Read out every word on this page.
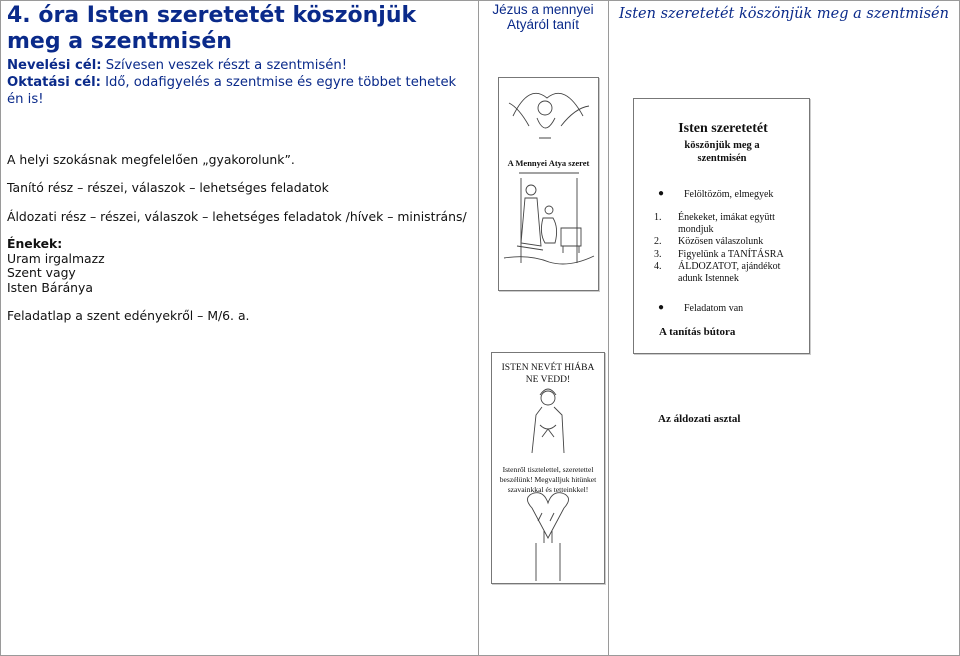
4. óra Isten szeretetét köszönjük meg a szentmisén
Nevelési cél: Szívesen veszek részt a szentmisén!
Oktatási cél: Idő, odafigyelés a szentmise és egyre többet tehetek én is!
A helyi szokásnak megfelelően „gyakorolunk”.
Tanító rész – részei, válaszok – lehetséges feladatok
Áldozati rész – részei, válaszok – lehetséges feladatok /hívek – ministráns/
Énekek:
Uram irgalmazz
Szent vagy
Isten Báránya
Feladatlap a szent edényekről – M/6. a.
Jézus a mennyei Atyáról tanít
A Mennyei Atya szeret
ISTEN NEVÉT HIÁBA NE VEDD!
Istenről tisztelettel, szeretettel beszélünk! Megvalljuk hitünket szavainkkal és tetteinkkel!
Isten szeretetét köszönjük meg a szentmisén
Isten szeretetét
köszönjük meg a szentmisén
● Felöltözöm, elmegyek
1.	Énekeket, imákat együtt mondjuk
2.	Közösen válaszolunk
3.	Figyelünk a TANÍTÁSRA
4.	ÁLDOZATOT, ajándékot adunk Istennek
● Feladatom van
A tanítás bútora
Az áldozati asztal
